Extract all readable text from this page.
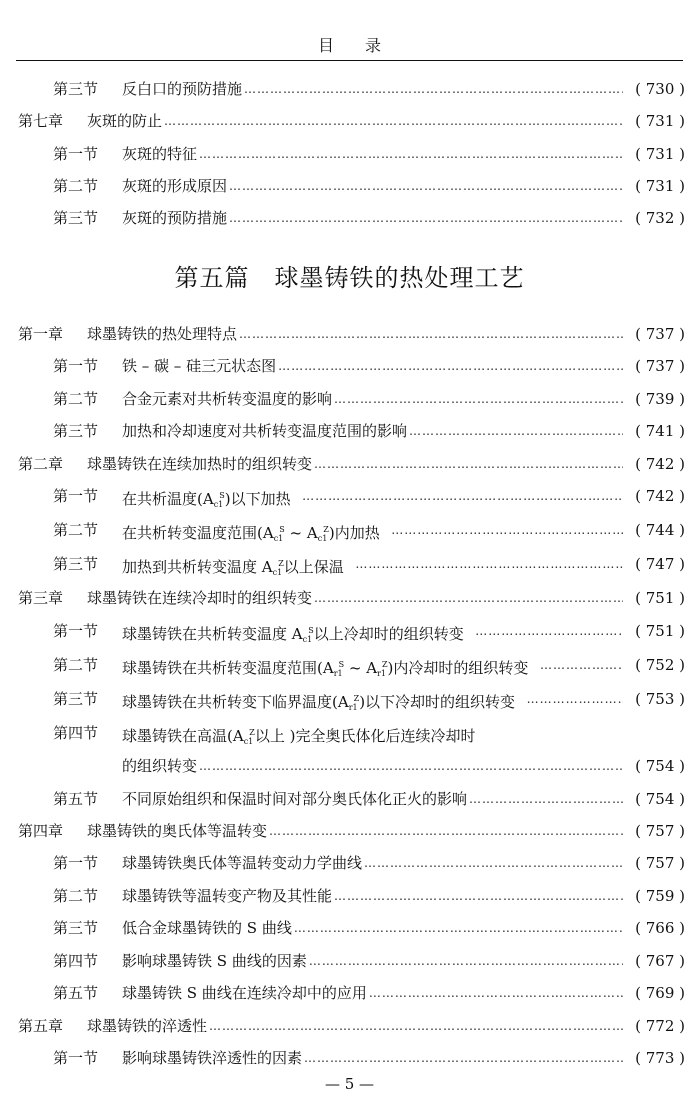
目 录
第三节 反白口的预防措施 ……………………………………………………………………………………………………………………………………………………………………………………………	( 730 )
第七章 灰斑的防止 ……………………………………………………………………………………………………………………………………………………………………………………………	( 731 )
第一节 灰斑的特征 ……………………………………………………………………………………………………………………………………………………………………………………………	( 731 )
第二节 灰斑的形成原因 ……………………………………………………………………………………………………………………………………………………………………………………………	( 731 )
第三节 灰斑的预防措施 ……………………………………………………………………………………………………………………………………………………………………………………………	( 732 )
第五篇　球墨铸铁的热处理工艺
第一章 球墨铸铁的热处理特点 ……………………………………………………………………………………………………………………………………………………………………………………………	( 737 )
第一节 铁 – 碳 – 硅三元状态图 ……………………………………………………………………………………………………………………………………………………………………………………………	( 737 )
第二节 合金元素对共析转变温度的影响 ……………………………………………………………………………………………………………………………………………………………………………………………	( 739 )
第三节 加热和冷却速度对共析转变温度范围的影响 ……………………………………………………………………………………………………………………………………………………………………………………………	( 741 )
第二章 球墨铸铁在连续加热时的组织转变 ……………………………………………………………………………………………………………………………………………………………………………………………	( 742 )
第一节 在共析温度$(A_{c1}^S)$以下加热 ……………………………………………………………………………………………………………………………………………………………………………………………	( 742 )
第二节 在共析转变温度范围($A_{c1}^S$ ~ $A_{c1}^Z$)内加热 ……………………………………………………………………………………………………………………………………………………………………………………………	( 744 )
第三节 加热到共析转变温度 $A_{c1}^Z$以上保温 ……………………………………………………………………………………………………………………………………………………………………………………………	( 747 )
第三章 球墨铸铁在连续冷却时的组织转变 ……………………………………………………………………………………………………………………………………………………………………………………………	( 751 )
第一节 球墨铸铁在共析转变温度 $A_{c1}^S$以上冷却时的组织转变 ……………………………………………………………………………………………………………………………………………………………………………………………	( 751 )
第二节 球墨铸铁在共析转变温度范围($A_{r1}^S$ ~ $A_{r1}^Z$)内冷却时的组织转变 ……………………………………………………………………………………………………………………………………………………………………………………………	( 752 )
第三节 球墨铸铁在共析转变下临界温度$(A_{r1}^Z)$以下冷却时的组织转变 ……………………………………………………………………………………………………………………………………………………………………………………………	( 753 )
第四节 球墨铸铁在高温($A_{c1}^Z$以上 )完全奥氏体化后连续冷却时
的组织转变 ……………………………………………………………………………………………………………………………………………………………………………………………	( 754 )
第五节 不同原始组织和保温时间对部分奥氏体化正火的影响 ……………………………………………………………………………………………………………………………………………………………………………………………	( 754 )
第四章 球墨铸铁的奥氏体等温转变 ……………………………………………………………………………………………………………………………………………………………………………………………	( 757 )
第一节 球墨铸铁奥氏体等温转变动力学曲线 ……………………………………………………………………………………………………………………………………………………………………………………………	( 757 )
第二节 球墨铸铁等温转变产物及其性能 ……………………………………………………………………………………………………………………………………………………………………………………………	( 759 )
第三节 低合金球墨铸铁的 S 曲线 ……………………………………………………………………………………………………………………………………………………………………………………………	( 766 )
第四节 影响球墨铸铁 S 曲线的因素 ……………………………………………………………………………………………………………………………………………………………………………………………	( 767 )
第五节 球墨铸铁 S 曲线在连续冷却中的应用 ……………………………………………………………………………………………………………………………………………………………………………………………	( 769 )
第五章 球墨铸铁的淬透性 ……………………………………………………………………………………………………………………………………………………………………………………………	( 772 )
第一节 影响球墨铸铁淬透性的因素 ……………………………………………………………………………………………………………………………………………………………………………………………	( 773 )
— 5 —
